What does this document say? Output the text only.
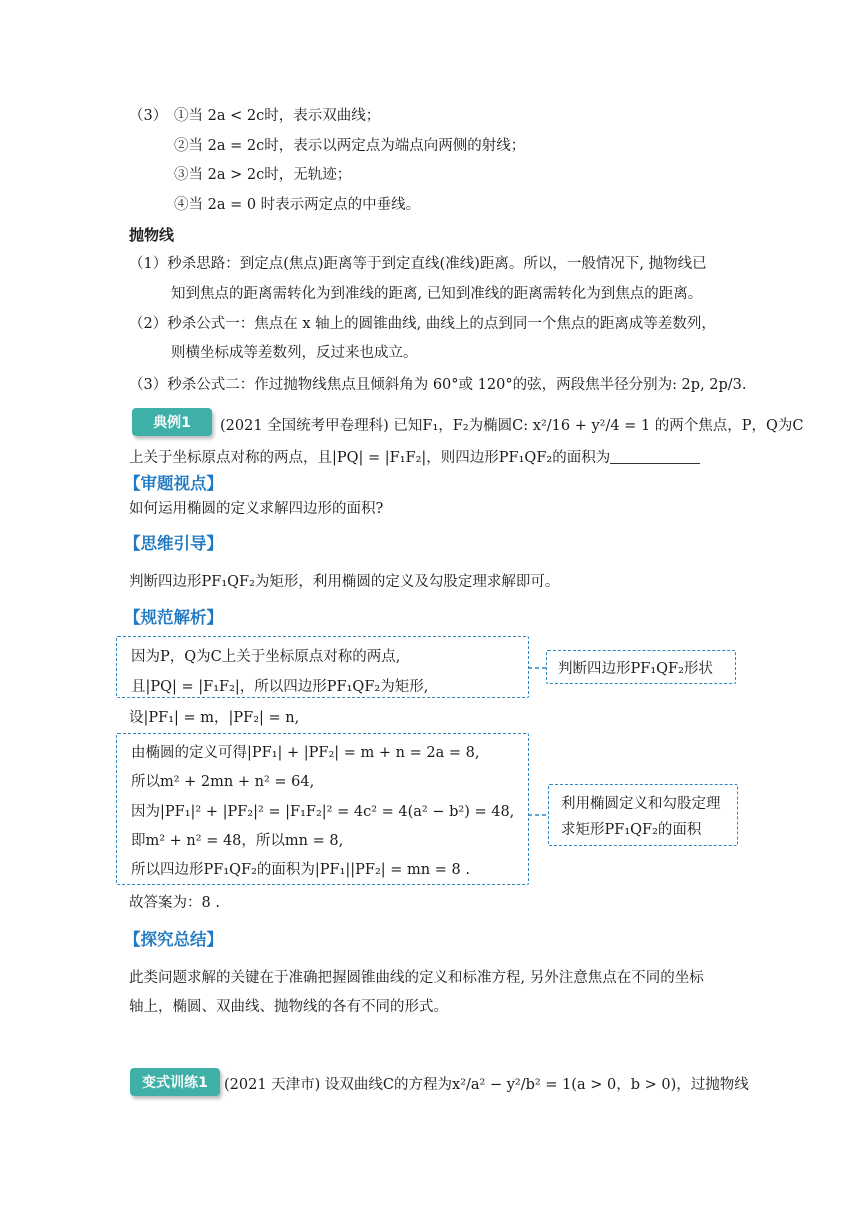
（3） ①当 2a < 2c时，表示双曲线；
②当 2a = 2c时，表示以两定点为端点向两侧的射线；
③当 2a > 2c时，无轨迹；
④当 2a = 0 时表示两定点的中垂线。
抛物线
（1）秒杀思路：到定点(焦点)距离等于到定直线(准线)距离。所以，一般情况下, 抛物线已
知到焦点的距离需转化为到准线的距离, 已知到准线的距离需转化为到焦点的距离。
（2）秒杀公式一：焦点在 x 轴上的圆锥曲线, 曲线上的点到同一个焦点的距离成等差数列，
则横坐标成等差数列，反过来也成立。
（3）秒杀公式二：作过抛物线焦点且倾斜角为 60°或 120°的弦，两段焦半径分别为: 2p, 2p/3.
典例1	(2021 全国统考甲卷理科) 已知F₁，F₂为椭圆C: x²/16 + y²/4 = 1 的两个焦点，P，Q为C
上关于坐标原点对称的两点，且|PQ| = |F₁F₂|，则四边形PF₁QF₂的面积为
【审题视点】
如何运用椭圆的定义求解四边形的面积?
【思维引导】
判断四边形PF₁QF₂为矩形，利用椭圆的定义及勾股定理求解即可。
【规范解析】
因为P，Q为C上关于坐标原点对称的两点,
且|PQ| = |F₁F₂|，所以四边形PF₁QF₂为矩形,
判断四边形PF₁QF₂形状
设|PF₁| = m，|PF₂| = n,
由椭圆的定义可得|PF₁| + |PF₂| = m + n = 2a = 8,
所以m² + 2mn + n² = 64,
因为|PF₁|² + |PF₂|² = |F₁F₂|² = 4c² = 4(a² − b²) = 48,
即m² + n² = 48，所以mn = 8,
所以四边形PF₁QF₂的面积为|PF₁||PF₂| = mn = 8 .
利用椭圆定义和勾股定理
求矩形PF₁QF₂的面积
故答案为：8 .
【探究总结】
此类问题求解的关键在于准确把握圆锥曲线的定义和标准方程, 另外注意焦点在不同的坐标
轴上，椭圆、双曲线、抛物线的各有不同的形式。
变式训练1	(2021 天津市) 设双曲线C的方程为x²/a² − y²/b² = 1(a > 0，b > 0)，过抛物线
